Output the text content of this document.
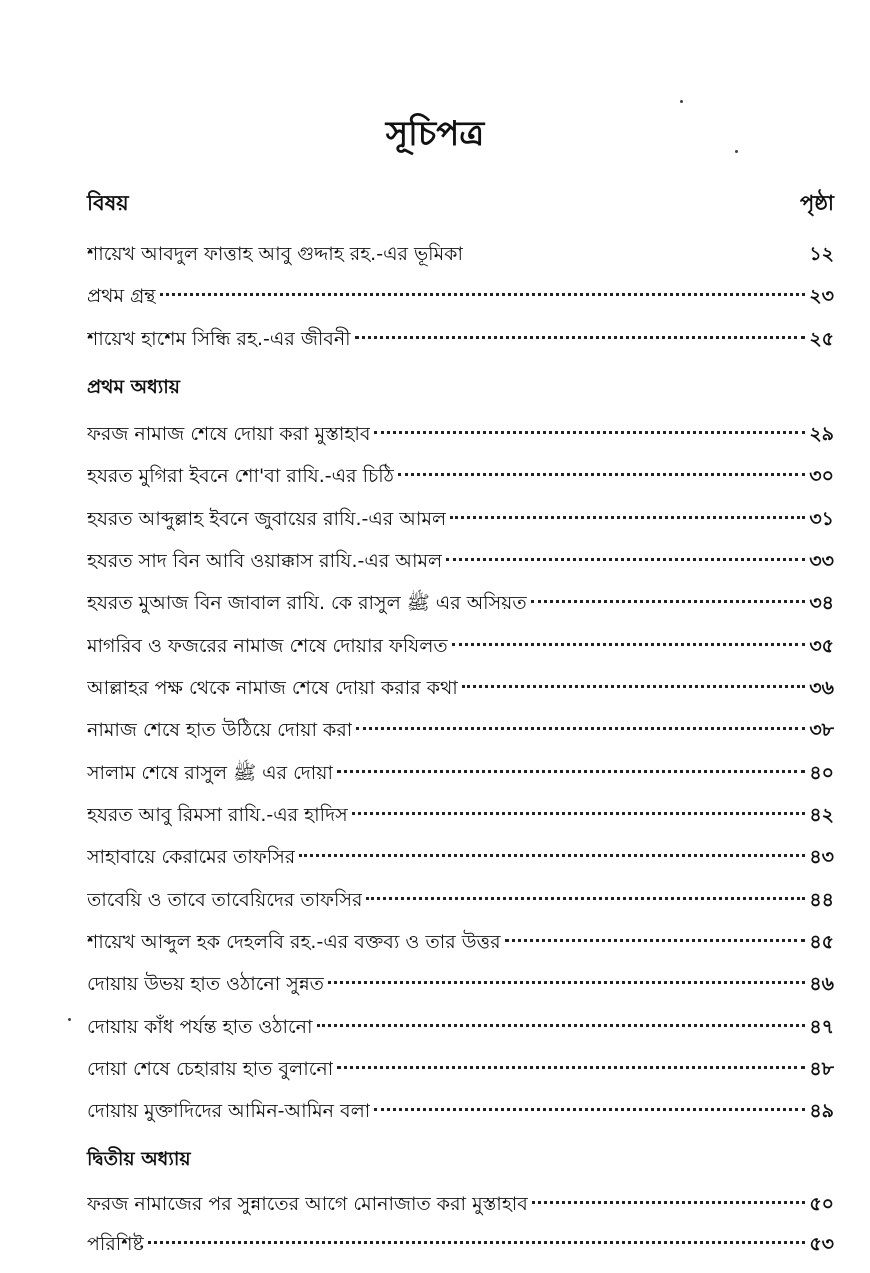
সূচিপত্র
বিষয়	পৃষ্ঠা
শায়েখ আবদুল ফাত্তাহ আবু গুদ্দাহ রহ.-এর ভূমিকা	১২
প্রথম গ্রন্থ	২৩
শায়েখ হাশেম সিন্ধি রহ.-এর জীবনী	২৫
প্রথম অধ্যায়
ফরজ নামাজ শেষে দোয়া করা মুস্তাহাব	২৯
হযরত মুগিরা ইবনে শো'বা রাযি.-এর চিঠি	৩০
হযরত আব্দুল্লাহ ইবনে জুবায়ের রাযি.-এর আমল	৩১
হযরত সাদ বিন আবি ওয়াক্কাস রাযি.-এর আমল	৩৩
হযরত মুআজ বিন জাবাল রাযি. কে রাসুল ﷺ এর অসিয়ত	৩৪
মাগরিব ও ফজরের নামাজ শেষে দোয়ার ফযিলত	৩৫
আল্লাহর পক্ষ থেকে নামাজ শেষে দোয়া করার কথা	৩৬
নামাজ শেষে হাত উঠিয়ে দোয়া করা	৩৮
সালাম শেষে রাসুল ﷺ এর দোয়া	৪০
হযরত আবু রিমসা রাযি.-এর হাদিস	৪২
সাহাবায়ে কেরামের তাফসির	৪৩
তাবেয়ি ও তাবে তাবেয়িদের তাফসির	৪৪
শায়েখ আব্দুল হক দেহলবি রহ.-এর বক্তব্য ও তার উত্তর	৪৫
দোয়ায় উভয় হাত ওঠানো সুন্নত	৪৬
দোয়ায় কাঁধ পর্যন্ত হাত ওঠানো	৪৭
দোয়া শেষে চেহারায় হাত বুলানো	৪৮
দোয়ায় মুক্তাদিদের আমিন-আমিন বলা	৪৯
দ্বিতীয় অধ্যায়
ফরজ নামাজের পর সুন্নাতের আগে মোনাজাত করা মুস্তাহাব	৫০
পরিশিষ্ট	৫৩
